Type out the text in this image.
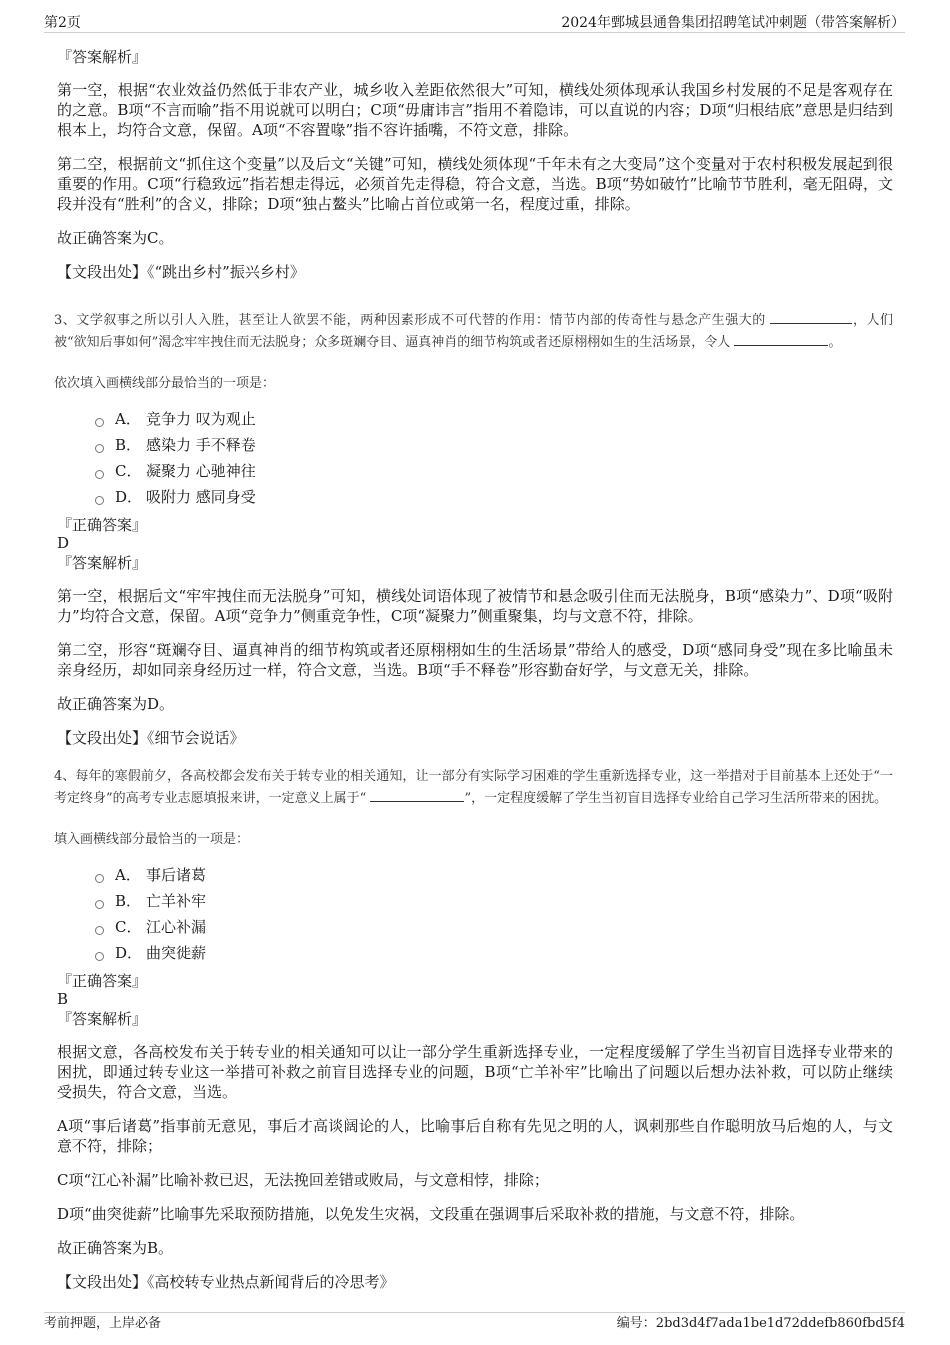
第2页	2024年鄄城县通鲁集团招聘笔试冲刺题（带答案解析）
『答案解析』

第一空，根据“农业效益仍然低于非农产业，城乡收入差距依然很大”可知，横线处须体现承认我国乡村发展的不足是客观存在的之意。B项“不言而喻”指不用说就可以明白；C项“毋庸讳言”指用不着隐讳，可以直说的内容；D项“归根结底”意思是归结到根本上，均符合文意，保留。A项“不容置喙”指不容许插嘴，不符文意，排除。

第二空，根据前文“抓住这个变量”以及后文“关键”可知，横线处须体现“千年未有之大变局”这个变量对于农村积极发展起到很重要的作用。C项“行稳致远”指若想走得远，必须首先走得稳，符合文意，当选。B项“势如破竹”比喻节节胜利，毫无阻碍，文段并没有“胜利”的含义，排除；D项“独占鳌头”比喻占首位或第一名，程度过重，排除。

故正确答案为C。

【文段出处】《“跳出乡村”振兴乡村》

3、文学叙事之所以引人入胜，甚至让人欲罢不能，两种因素形成不可代替的作用：情节内部的传奇性与悬念产生强大的	，人们被“欲知后事如何”渴念牢牢拽住而无法脱身；众多斑斓夺目、逼真神肖的细节构筑或者还原栩栩如生的生活场景，令人	。
依次填入画横线部分最恰当的一项是：
A． 竞争力 叹为观止
B． 感染力 手不释卷
C． 凝聚力 心驰神往
D． 吸附力 感同身受
『正确答案』
D
『答案解析』

第一空，根据后文“牢牢拽住而无法脱身”可知，横线处词语体现了被情节和悬念吸引住而无法脱身，B项“感染力”、D项“吸附力”均符合文意，保留。A项“竞争力”侧重竞争性，C项“凝聚力”侧重聚集，均与文意不符，排除。

第二空，形容“斑斓夺目、逼真神肖的细节构筑或者还原栩栩如生的生活场景”带给人的感受，D项“感同身受”现在多比喻虽未亲身经历，却如同亲身经历过一样，符合文意，当选。B项“手不释卷”形容勤奋好学，与文意无关，排除。

故正确答案为D。

【文段出处】《细节会说话》

4、每年的寒假前夕，各高校都会发布关于转专业的相关通知，让一部分有实际学习困难的学生重新选择专业，这一举措对于目前基本上还处于“一考定终身”的高考专业志愿填报来讲，一定意义上属于“	”，一定程度缓解了学生当初盲目选择专业给自己学习生活所带来的困扰。
填入画横线部分最恰当的一项是：
A． 事后诸葛
B． 亡羊补牢
C． 江心补漏
D． 曲突徙薪
『正确答案』
B
『答案解析』

根据文意，各高校发布关于转专业的相关通知可以让一部分学生重新选择专业，一定程度缓解了学生当初盲目选择专业带来的困扰，即通过转专业这一举措可补救之前盲目选择专业的问题，B项“亡羊补牢”比喻出了问题以后想办法补救，可以防止继续受损失，符合文意，当选。

A项“事后诸葛”指事前无意见，事后才高谈阔论的人，比喻事后自称有先见之明的人，讽刺那些自作聪明放马后炮的人，与文意不符，排除；

C项“江心补漏”比喻补救已迟，无法挽回差错或败局，与文意相悖，排除；

D项“曲突徙薪”比喻事先采取预防措施，以免发生灾祸，文段重在强调事后采取补救的措施，与文意不符，排除。

故正确答案为B。

【文段出处】《高校转专业热点新闻背后的冷思考》

考前押题，上岸必备	编号：2bd3d4f7ada1be1d72ddefb860fbd5f4
